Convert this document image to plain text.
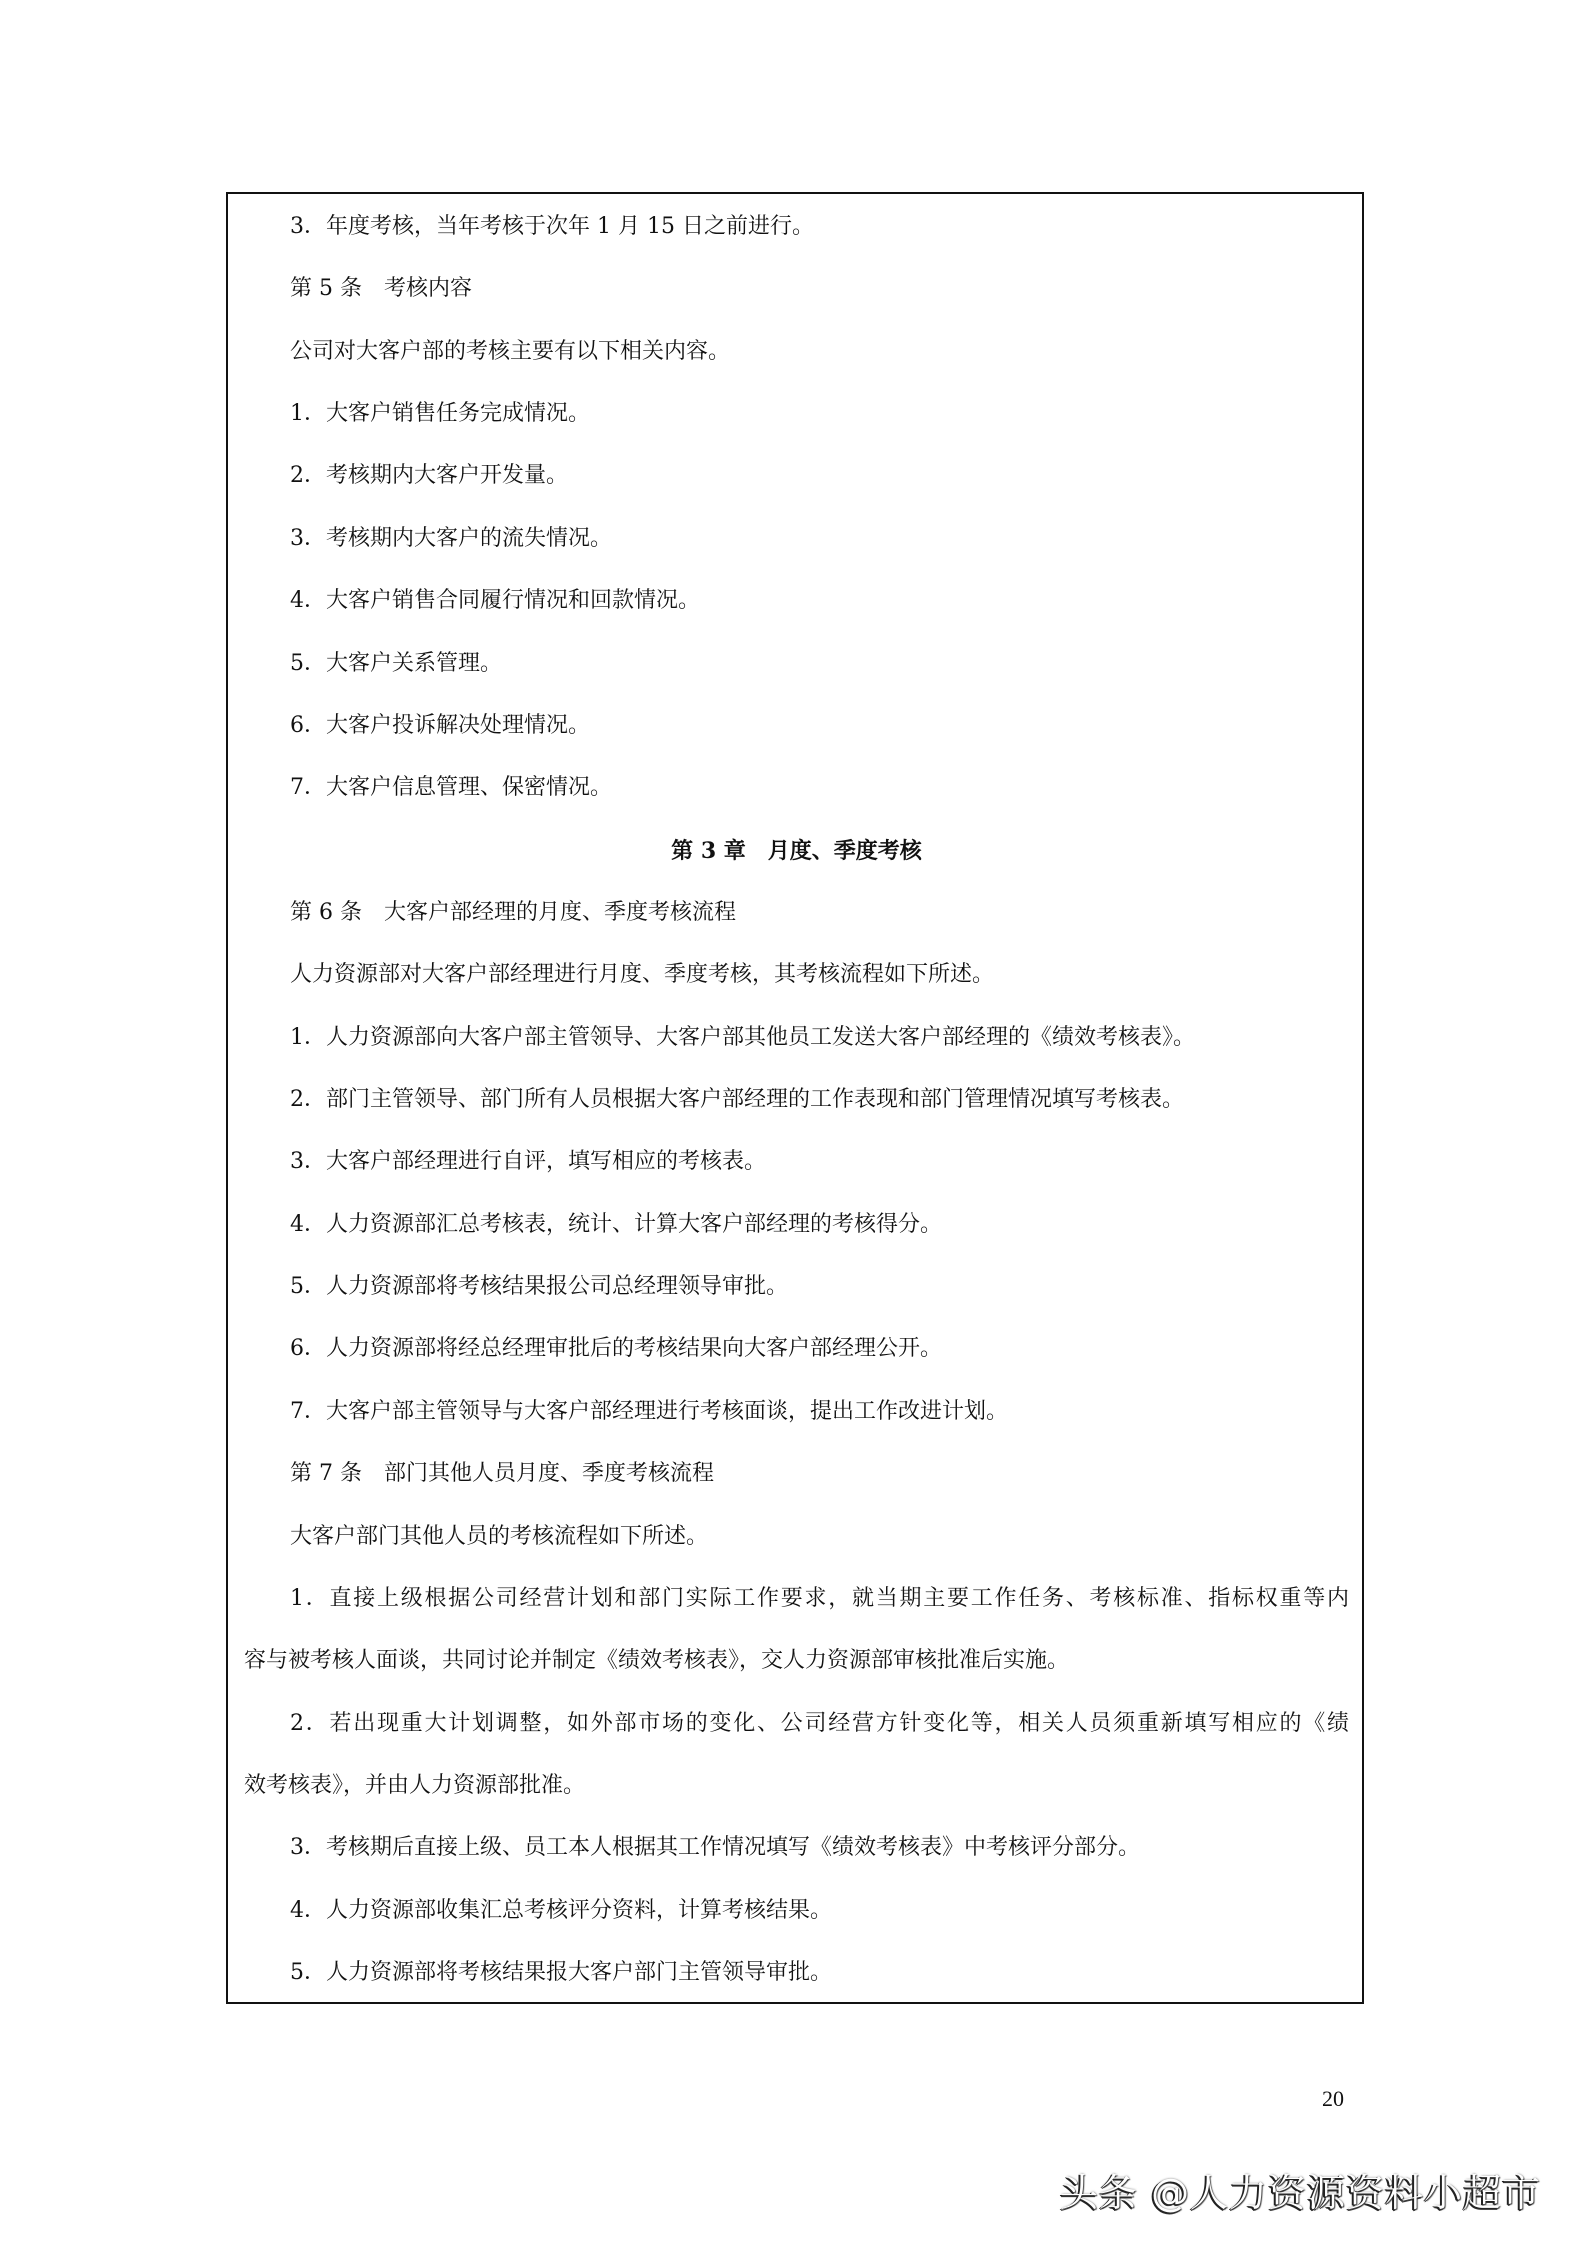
3．年度考核，当年考核于次年 1 月 15 日之前进行。
第 5 条　考核内容
公司对大客户部的考核主要有以下相关内容。
1．大客户销售任务完成情况。
2．考核期内大客户开发量。
3．考核期内大客户的流失情况。
4．大客户销售合同履行情况和回款情况。
5．大客户关系管理。
6．大客户投诉解决处理情况。
7．大客户信息管理、保密情况。
第 3 章　月度、季度考核
第 6 条　大客户部经理的月度、季度考核流程
人力资源部对大客户部经理进行月度、季度考核，其考核流程如下所述。
1．人力资源部向大客户部主管领导、大客户部其他员工发送大客户部经理的《绩效考核表》。
2．部门主管领导、部门所有人员根据大客户部经理的工作表现和部门管理情况填写考核表。
3．大客户部经理进行自评，填写相应的考核表。
4．人力资源部汇总考核表，统计、计算大客户部经理的考核得分。
5．人力资源部将考核结果报公司总经理领导审批。
6．人力资源部将经总经理审批后的考核结果向大客户部经理公开。
7．大客户部主管领导与大客户部经理进行考核面谈，提出工作改进计划。
第 7 条　部门其他人员月度、季度考核流程
大客户部门其他人员的考核流程如下所述。
1．直接上级根据公司经营计划和部门实际工作要求，就当期主要工作任务、考核标准、指标权重等内
容与被考核人面谈，共同讨论并制定《绩效考核表》，交人力资源部审核批准后实施。
2．若出现重大计划调整，如外部市场的变化、公司经营方针变化等，相关人员须重新填写相应的《绩
效考核表》，并由人力资源部批准。
3．考核期后直接上级、员工本人根据其工作情况填写《绩效考核表》中考核评分部分。
4．人力资源部收集汇总考核评分资料，计算考核结果。
5．人力资源部将考核结果报大客户部门主管领导审批。
20
头条 @人力资源资料小超市
